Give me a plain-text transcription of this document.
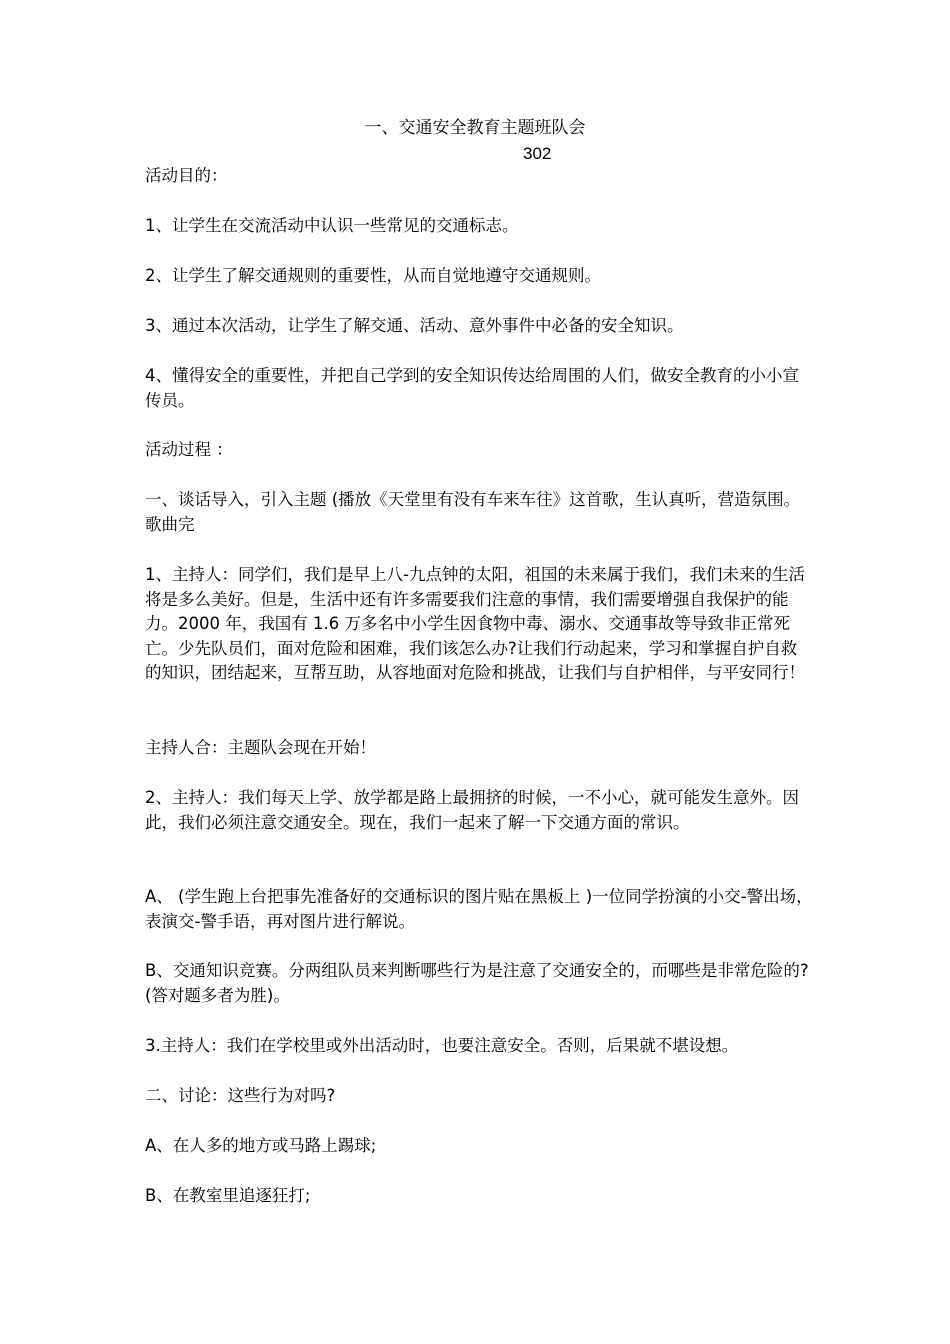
一、交通安全教育主题班队会
302

活动目的：

1、让学生在交流活动中认识一些常见的交通标志。

2、让学生了解交通规则的重要性，从而自觉地遵守交通规则。

3、通过本次活动，让学生了解交通、活动、意外事件中必备的安全知识。

4、懂得安全的重要性，并把自己学到的安全知识传达给周围的人们，做安全教育的小小宣传员。

活动过程 ：

一、谈话导入，引入主题 (播放《天堂里有没有车来车往》这首歌，生认真听，营造氛围。歌曲完

1、主持人：同学们，我们是早上八-九点钟的太阳，祖国的未来属于我们，我们未来的生活将是多么美好。但是，生活中还有许多需要我们注意的事情，我们需要增强自我保护的能力。2000 年，我国有 1.6 万多名中小学生因食物中毒、溺水、交通事故等导致非正常死亡。少先队员们，面对危险和困难，我们该怎么办?让我们行动起来，学习和掌握自护自救的知识，团结起来，互帮互助，从容地面对危险和挑战，让我们与自护相伴，与平安同行！

主持人合：主题队会现在开始！

2、主持人：我们每天上学、放学都是路上最拥挤的时候，一不小心，就可能发生意外。因此，我们必须注意交通安全。现在，我们一起来了解一下交通方面的常识。

A、 (学生跑上台把事先准备好的交通标识的图片贴在黑板上 )一位同学扮演的小交-警出场，表演交-警手语，再对图片进行解说。

B、交通知识竞赛。分两组队员来判断哪些行为是注意了交通安全的，而哪些是非常危险的? (答对题多者为胜)。

3.主持人：我们在学校里或外出活动时，也要注意安全。否则，后果就不堪设想。

二、讨论：这些行为对吗?

A、在人多的地方或马路上踢球;

B、在教室里追逐狂打;
